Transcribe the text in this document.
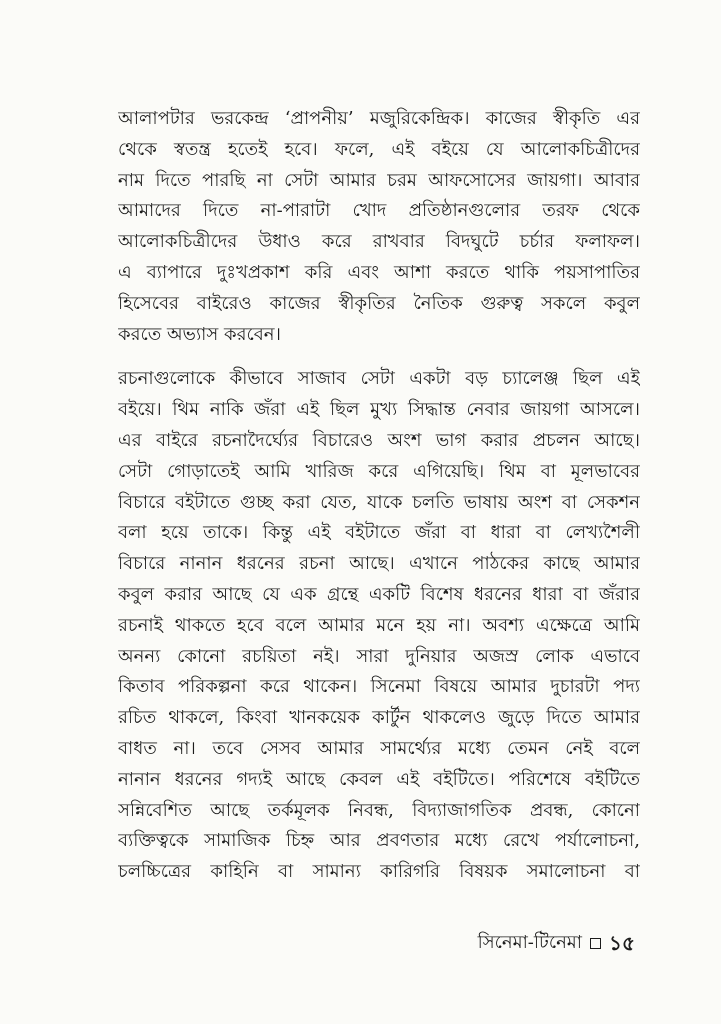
আলাপটার ভরকেন্দ্র ‘প্রাপনীয়’ মজুরিকেন্দ্রিক। কাজের স্বীকৃতি এর
থেকে স্বতন্ত্র হতেই হবে। ফলে, এই বইয়ে যে আলোকচিত্রীদের
নাম দিতে পারছি না সেটা আমার চরম আফসোসের জায়গা। আবার
আমাদের দিতে না-পারাটা খোদ প্রতিষ্ঠানগুলোর তরফ থেকে
আলোকচিত্রীদের উধাও করে রাখবার বিদঘুটে চর্চার ফলাফল।
এ ব্যাপারে দুঃখপ্রকাশ করি এবং আশা করতে থাকি পয়সাপাতির
হিসেবের বাইরেও কাজের স্বীকৃতির নৈতিক গুরুত্ব সকলে কবুল
করতে অভ্যাস করবেন।

রচনাগুলোকে কীভাবে সাজাব সেটা একটা বড় চ্যালেঞ্জ ছিল এই
বইয়ে। থিম নাকি জঁরা এই ছিল মুখ্য সিদ্ধান্ত নেবার জায়গা আসলে।
এর বাইরে রচনাদৈর্ঘ্যের বিচারেও অংশ ভাগ করার প্রচলন আছে।
সেটা গোড়াতেই আমি খারিজ করে এগিয়েছি। থিম বা মূলভাবের
বিচারে বইটাতে গুচ্ছ করা যেত, যাকে চলতি ভাষায় অংশ বা সেকশন
বলা হয়ে তাকে। কিন্তু এই বইটাতে জঁরা বা ধারা বা লেখ্যশৈলী
বিচারে নানান ধরনের রচনা আছে। এখানে পাঠকের কাছে আমার
কবুল করার আছে যে এক গ্রন্থে একটি বিশেষ ধরনের ধারা বা জঁরার
রচনাই থাকতে হবে বলে আমার মনে হয় না। অবশ্য এক্ষেত্রে আমি
অনন্য কোনো রচয়িতা নই। সারা দুনিয়ার অজস্র লোক এভাবে
কিতাব পরিকল্পনা করে থাকেন। সিনেমা বিষয়ে আমার দুচারটা পদ্য
রচিত থাকলে, কিংবা খানকয়েক কার্টুন থাকলেও জুড়ে দিতে আমার
বাধত না। তবে সেসব আমার সামর্থ্যের মধ্যে তেমন নেই বলে
নানান ধরনের গদ্যই আছে কেবল এই বইটিতে। পরিশেষে বইটিতে
সন্নিবেশিত আছে তর্কমূলক নিবন্ধ, বিদ্যাজাগতিক প্রবন্ধ, কোনো
ব্যক্তিত্বকে সামাজিক চিহ্ন আর প্রবণতার মধ্যে রেখে পর্যালোচনা,
চলচ্চিত্রের কাহিনি বা সামান্য কারিগরি বিষয়ক সমালোচনা বা

সিনেমা-টিনেমা ১৫
